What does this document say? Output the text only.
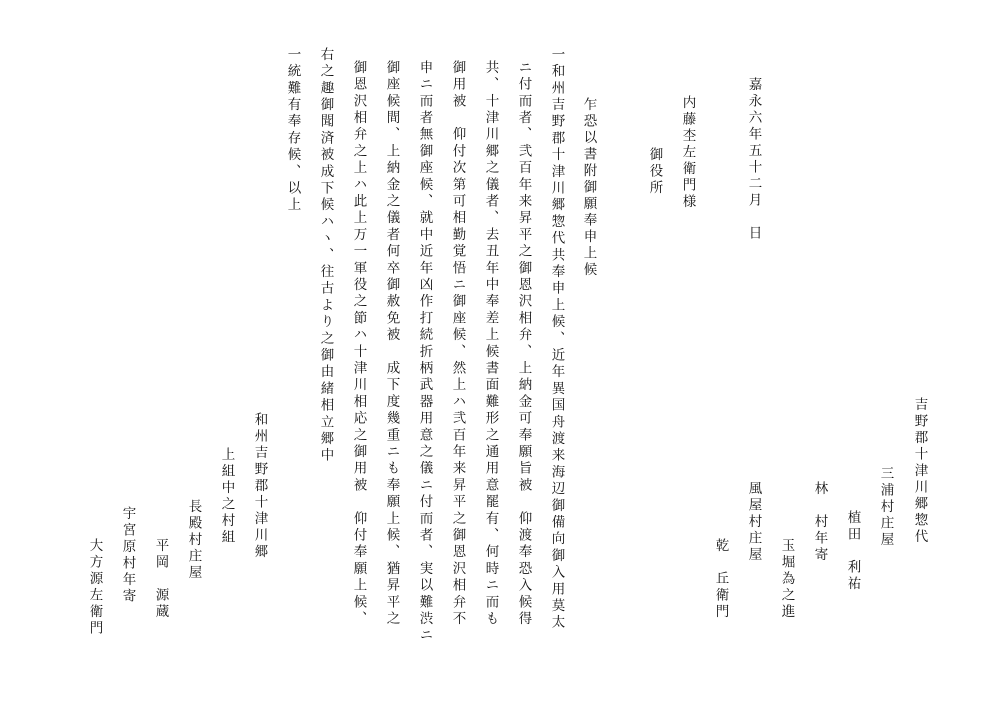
吉野郡十津川郷惣代

三浦村庄屋

植田　利祐

林　村年寄

玉堀為之進

風屋村庄屋

乾　丘衛門

嘉永六年五十二月　日

内藤杢左衛門様

御役所

乍恐以書附御願奉申上候

一和州吉野郡十津川郷惣代共奉申上候、近年異国舟渡来海辺御備向御入用莫太

ニ付而者、弐百年来昇平之御恩沢相弁、上納金可奉願旨被　仰渡奉恐入候得

共、十津川郷之儀者、去丑年中奉差上候書面難形之通用意罷有、何時ニ而も

御用被　仰付次第可相勤覚悟ニ御座候、然上ハ弐百年来昇平之御恩沢相弁不

申ニ而者無御座候、就中近年凶作打続折柄武器用意之儀ニ付而者、実以難渋ニ

御座候間、上納金之儀者何卒御赦免被　成下度幾重ニも奉願上候、猶昇平之

御恩沢相弁之上ハ此上万一軍役之節ハ十津川相応之御用被　仰付奉願上候、

右之趣御聞済被成下候ハヽ、往古より之御由緒相立郷中

一統難有奉存候、以上

和州吉野郡十津川郷

上組中之村組

長殿村庄屋

平岡　源蔵

宇宮原村年寄

大方源左衛門
